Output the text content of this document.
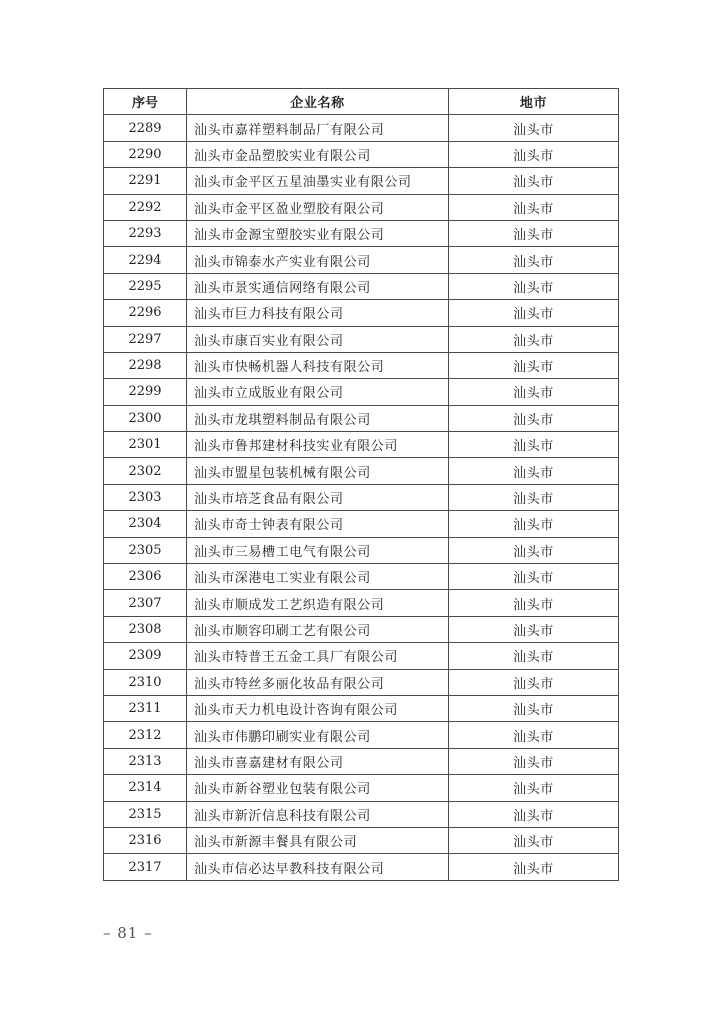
序号	企业名称	地市
2289	汕头市嘉祥塑料制品厂有限公司	汕头市
2290	汕头市金品塑胶实业有限公司	汕头市
2291	汕头市金平区五星油墨实业有限公司	汕头市
2292	汕头市金平区盈业塑胶有限公司	汕头市
2293	汕头市金源宝塑胶实业有限公司	汕头市
2294	汕头市锦泰水产实业有限公司	汕头市
2295	汕头市景实通信网络有限公司	汕头市
2296	汕头市巨力科技有限公司	汕头市
2297	汕头市康百实业有限公司	汕头市
2298	汕头市快畅机器人科技有限公司	汕头市
2299	汕头市立成版业有限公司	汕头市
2300	汕头市龙琪塑料制品有限公司	汕头市
2301	汕头市鲁邦建材科技实业有限公司	汕头市
2302	汕头市盟星包装机械有限公司	汕头市
2303	汕头市培芝食品有限公司	汕头市
2304	汕头市奇士钟表有限公司	汕头市
2305	汕头市三易槽工电气有限公司	汕头市
2306	汕头市深港电工实业有限公司	汕头市
2307	汕头市顺成发工艺织造有限公司	汕头市
2308	汕头市顺容印刷工艺有限公司	汕头市
2309	汕头市特普王五金工具厂有限公司	汕头市
2310	汕头市特丝多丽化妆品有限公司	汕头市
2311	汕头市天力机电设计咨询有限公司	汕头市
2312	汕头市伟鹏印刷实业有限公司	汕头市
2313	汕头市喜嘉建材有限公司	汕头市
2314	汕头市新谷塑业包装有限公司	汕头市
2315	汕头市新沂信息科技有限公司	汕头市
2316	汕头市新源丰餐具有限公司	汕头市
2317	汕头市信必达早教科技有限公司	汕头市
– 81 –
